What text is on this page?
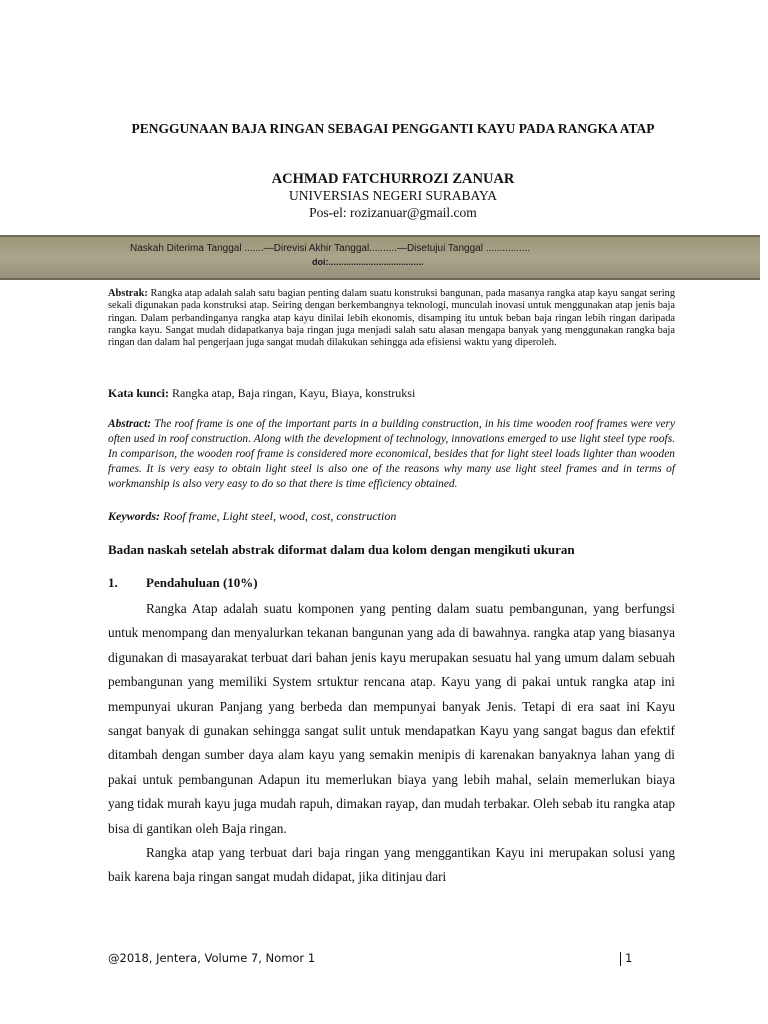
PENGGUNAAN BAJA RINGAN SEBAGAI PENGGANTI KAYU PADA RANGKA ATAP
ACHMAD FATCHURROZI ZANUAR
UNIVERSIAS NEGERI SURABAYA
Pos-el: rozizanuar@gmail.com
Naskah Diterima Tanggal .......—Direvisi Akhir Tanggal..........—Disetujui Tanggal ................
doi:......................................
Abstrak: Rangka atap adalah salah satu bagian penting dalam suatu konstruksi bangunan, pada masanya rangka atap kayu sangat sering sekali digunakan pada konstruksi atap. Seiring dengan berkembangnya teknologi, munculah inovasi untuk menggunakan atap jenis baja ringan. Dalam perbandinganya rangka atap kayu dinilai lebih ekonomis, disamping itu untuk beban baja ringan lebih ringan daripada rangka kayu. Sangat mudah didapatkanya baja ringan juga menjadi salah satu alasan mengapa banyak yang menggunakan rangka baja ringan dan dalam hal pengerjaan juga sangat mudah dilakukan sehingga ada efisiensi waktu yang diperoleh.
Kata kunci: Rangka atap, Baja ringan, Kayu, Biaya, konstruksi
Abstract: The roof frame is one of the important parts in a building construction, in his time wooden roof frames were very often used in roof construction. Along with the development of technology, innovations emerged to use light steel type roofs. In comparison, the wooden roof frame is considered more economical, besides that for light steel loads lighter than wooden frames. It is very easy to obtain light steel is also one of the reasons why many use light steel frames and in terms of workmanship is also very easy to do so that there is time efficiency obtained.
Keywords: Roof frame, Light steel, wood, cost, construction
Badan naskah setelah abstrak diformat dalam dua kolom dengan mengikuti ukuran
1. Pendahuluan (10%)

Rangka Atap adalah suatu komponen yang penting dalam suatu pembangunan, yang berfungsi untuk menompang dan menyalurkan tekanan bangunan yang ada di bawahnya. rangka atap yang biasanya digunakan di masayarakat terbuat dari bahan jenis kayu merupakan sesuatu hal yang umum dalam sebuah pembangunan yang memiliki System srtuktur rencana atap. Kayu yang di pakai untuk rangka atap ini mempunyai ukuran Panjang yang berbeda dan mempunyai banyak Jenis. Tetapi di era saat ini Kayu sangat banyak di gunakan sehingga sangat sulit untuk mendapatkan Kayu yang sangat bagus dan efektif ditambah dengan sumber daya alam kayu yang semakin menipis di karenakan banyaknya lahan yang di pakai untuk pembangunan Adapun itu memerlukan biaya yang lebih mahal, selain memerlukan biaya yang tidak murah kayu juga mudah rapuh, dimakan rayap, dan mudah terbakar. Oleh sebab itu rangka atap bisa di gantikan oleh Baja ringan.

Rangka atap yang terbuat dari baja ringan yang menggantikan Kayu ini merupakan solusi yang baik karena baja ringan sangat mudah didapat, jika ditinjau dari

@2018, Jentera, Volume 7, Nomor 1	1
